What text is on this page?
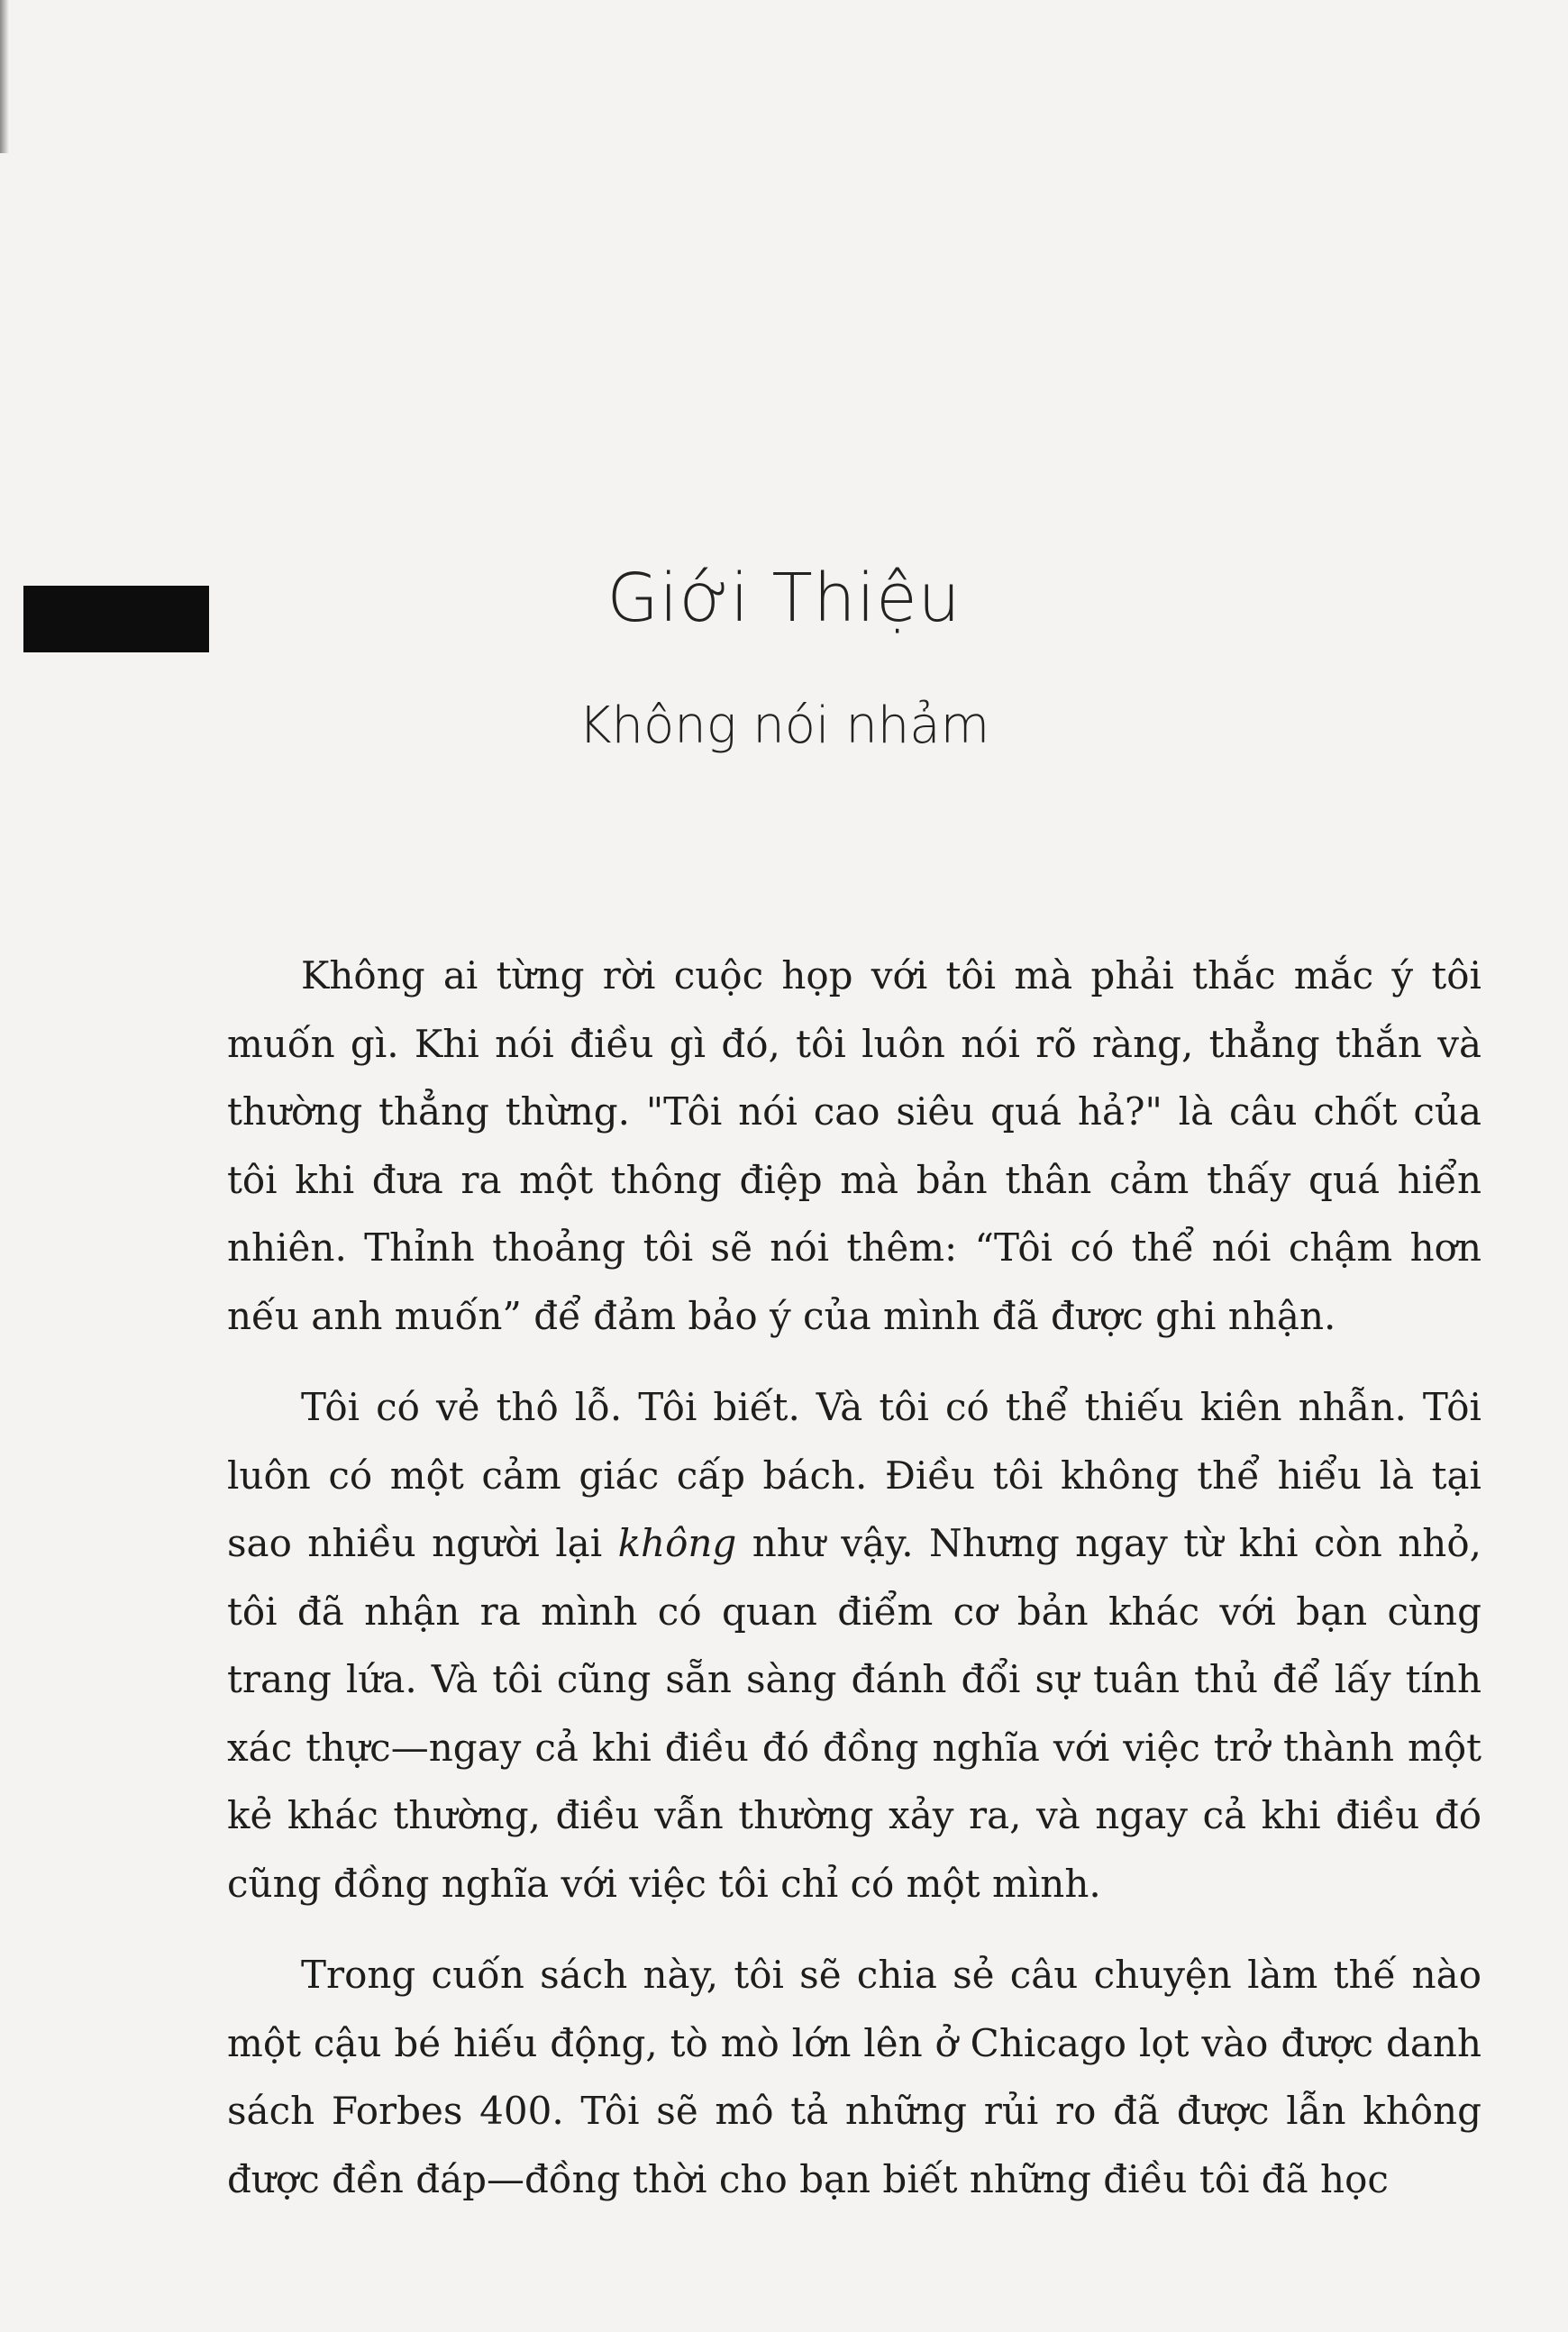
Giới Thiệu
Không nói nhảm

Không ai từng rời cuộc họp với tôi mà phải thắc mắc ý tôi muốn gì. Khi nói điều gì đó, tôi luôn nói rõ ràng, thẳng thắn và thường thẳng thừng. "Tôi nói cao siêu quá hả?" là câu chốt của tôi khi đưa ra một thông điệp mà bản thân cảm thấy quá hiển nhiên. Thỉnh thoảng tôi sẽ nói thêm: “Tôi có thể nói chậm hơn nếu anh muốn” để đảm bảo ý của mình đã được ghi nhận.

Tôi có vẻ thô lỗ. Tôi biết. Và tôi có thể thiếu kiên nhẫn. Tôi luôn có một cảm giác cấp bách. Điều tôi không thể hiểu là tại sao nhiều người lại không như vậy. Nhưng ngay từ khi còn nhỏ, tôi đã nhận ra mình có quan điểm cơ bản khác với bạn cùng trang lứa. Và tôi cũng sẵn sàng đánh đổi sự tuân thủ để lấy tính xác thực—ngay cả khi điều đó đồng nghĩa với việc trở thành một kẻ khác thường, điều vẫn thường xảy ra, và ngay cả khi điều đó cũng đồng nghĩa với việc tôi chỉ có một mình.

Trong cuốn sách này, tôi sẽ chia sẻ câu chuyện làm thế nào một cậu bé hiếu động, tò mò lớn lên ở Chicago lọt vào được danh sách Forbes 400. Tôi sẽ mô tả những rủi ro đã được lẫn không được đền đáp—đồng thời cho bạn biết những điều tôi đã học
